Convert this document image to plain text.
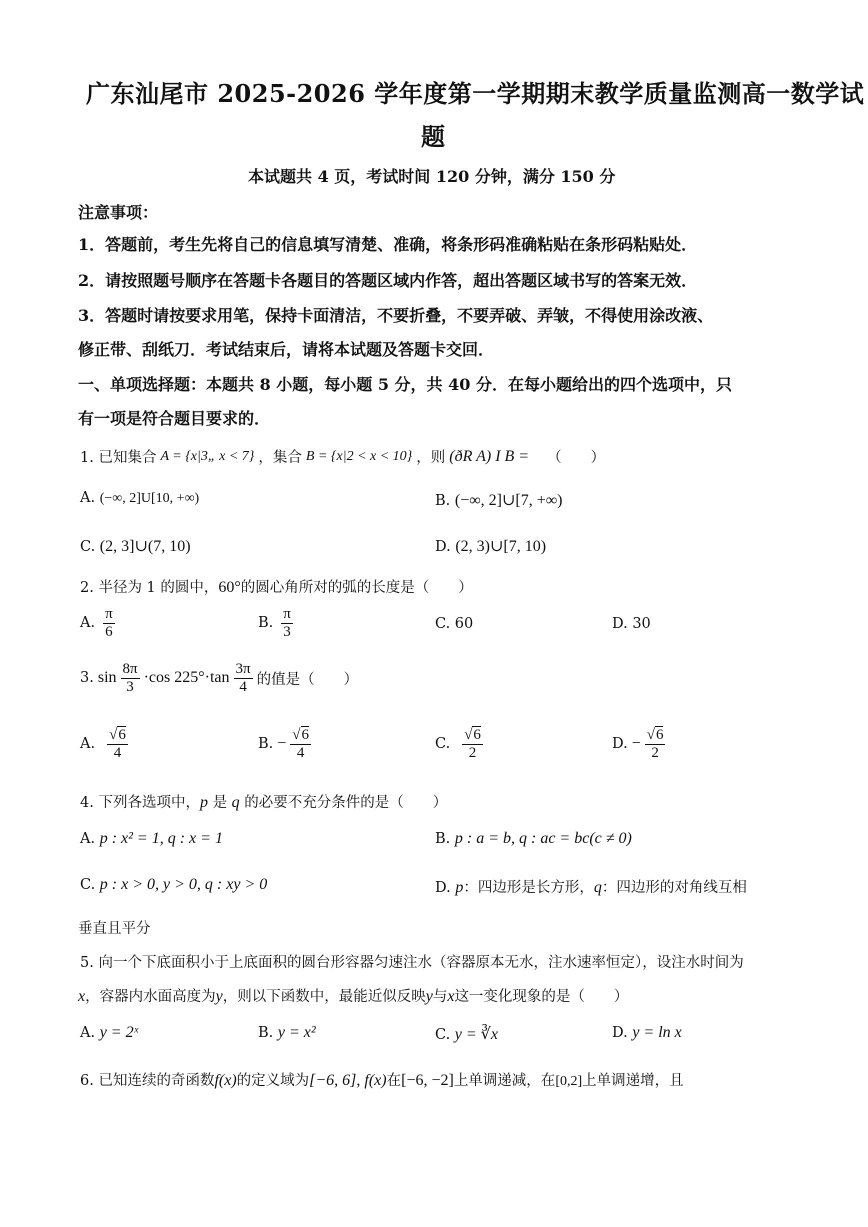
广东汕尾市 2025-2026 学年度第一学期期末教学质量监测高一数学试
题
本试题共 4 页，考试时间 120 分钟，满分 150 分
注意事项：
1．答题前，考生先将自己的信息填写清楚、准确，将条形码准确粘贴在条形码粘贴处．
2．请按照题号顺序在答题卡各题目的答题区域内作答，超出答题区域书写的答案无效．
3．答题时请按要求用笔，保持卡面清洁，不要折叠，不要弄破、弄皱，不得使用涂改液、
修正带、刮纸刀．考试结束后，请将本试题及答题卡交回．
一、单项选择题：本题共 8 小题，每小题 5 分，共 40 分．在每小题给出的四个选项中，只
有一项是符合题目要求的．
1. 已知集合 A = {x|3„ x < 7} ，集合 B = {x|2 < x < 10} ，则 (ðR A) I B = （　　）
A. (−∞, 2]U[10, +∞)	B. (−∞, 2]∪[7, +∞)
C. (2, 3]∪(7, 10)	D. (2, 3)∪[7, 10)
2. 半径为 1 的圆中，60°的圆心角所对的弧的长度是（　　）
A. $\frac{\pi}{6}$	B. $\frac{\pi}{3}$	C. 60	D. 30
3. $\sin \frac{8\pi}{3} \cdot\cos$ $225^\circ\cdot\tan \frac{3\pi}{4}$ 的值是（　　）
A. $\frac{√6}{4}$	B. − $\frac{√6}{4}$	C. $\frac{√6}{2}$	D. − $\frac{√6}{2}$
4. 下列各选项中，p 是 q 的必要不充分条件的是（　　）
A. p : x² = 1, q : x = 1	B. p : a = b, q : ac = bc(c ≠ 0)
C. p : x > 0, y > 0, q : xy > 0	D. p：四边形是长方形，q：四边形的对角线互相
垂直且平分
5. 向一个下底面积小于上底面积的圆台形容器匀速注水（容器原本无水，注水速率恒定），设注水时间为
x，容器内水面高度为y，则以下函数中，最能近似反映y与x这一变化现象的是（　　）
A. y = 2ˣ	B. y = x²	C. y = ∛x	D. y = ln x
6. 已知连续的奇函数f(x)的定义域为[−6, 6], f(x)在[−6, −2]上单调递减，在[0,2]上单调递增，且
